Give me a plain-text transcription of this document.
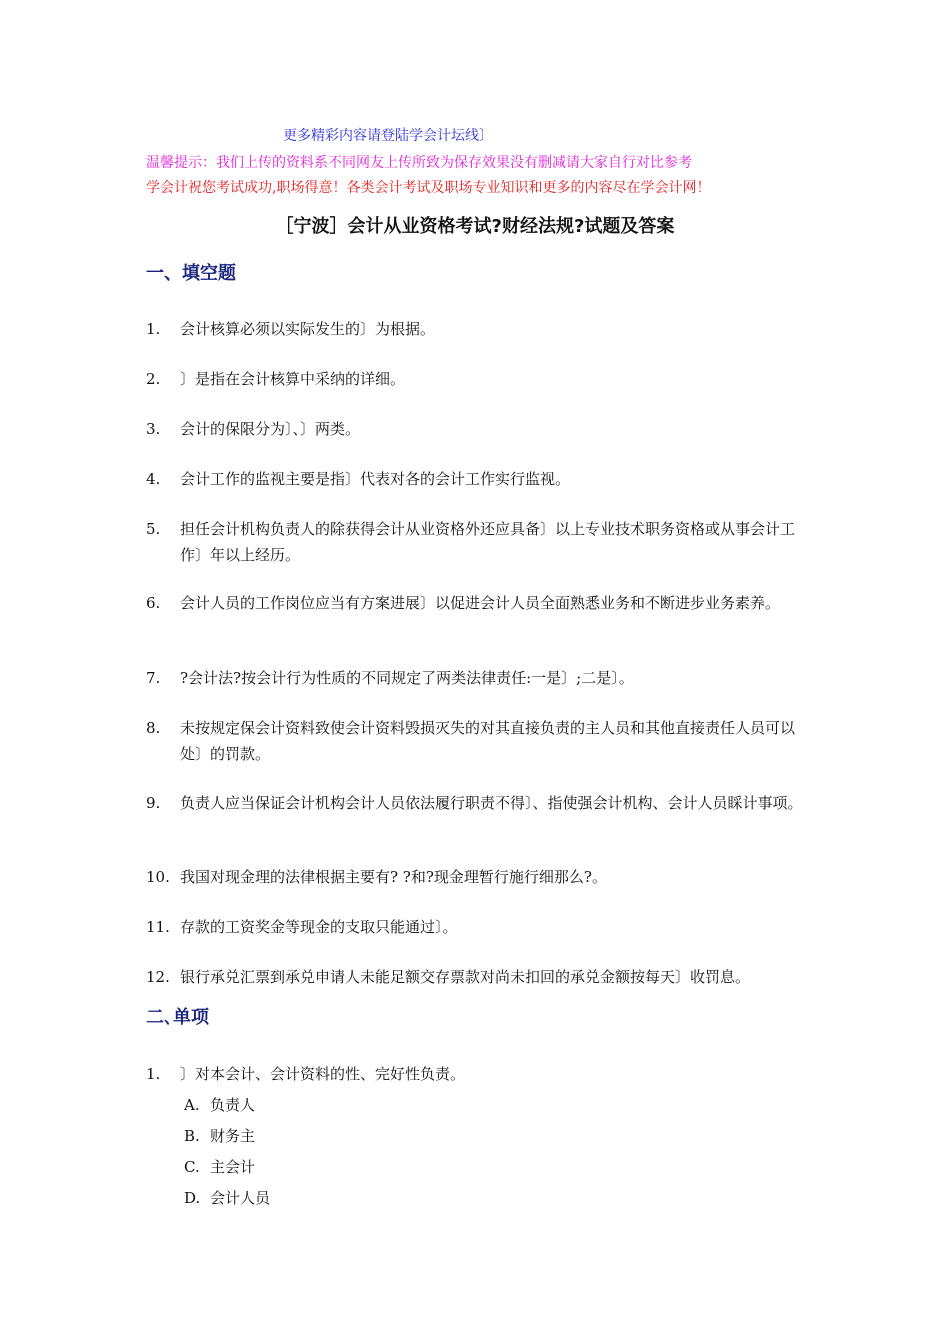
更多精彩内容请登陆学会计坛线〕
温馨提示：我们上传的资料系不同网友上传所致为保存效果没有删减请大家自行对比参考
学会计祝您考试成功,职场得意！各类会计考试及职场专业知识和更多的内容尽在学会计网！
［宁波］会计从业资格考试?财经法规?试题及答案
一、填空题
1. 会计核算必须以实际发生的〕为根据。
2. 〕是指在会计核算中采纳的详细。
3. 会计的保限分为〕、〕两类。
4. 会计工作的监视主要是指〕代表对各的会计工作实行监视。
5. 担任会计机构负责人的除获得会计从业资格外还应具备〕以上专业技术职务资格或从事会计工作〕年以上经历。
6. 会计人员的工作岗位应当有方案进展〕以促进会计人员全面熟悉业务和不断进步业务素养。
7. ?会计法?按会计行为性质的不同规定了两类法律责任:一是〕;二是〕。
8. 未按规定保会计资料致使会计资料毁损灭失的对其直接负责的主人员和其他直接责任人员可以处〕的罚款。
9. 负责人应当保证会计机构会计人员依法履行职责不得〕、指使强会计机构、会计人员睬计事项。
10. 我国对现金理的法律根据主要有? ?和?现金理暂行施行细那么?。
11. 存款的工资奖金等现金的支取只能通过〕。
12. 银行承兑汇票到承兑申请人未能足额交存票款对尚未扣回的承兑金额按每天〕收罚息。
二､单项
1. 〕对本会计、会计资料的性、完好性负责。
A. 负责人
B. 财务主
C. 主会计
D. 会计人员
